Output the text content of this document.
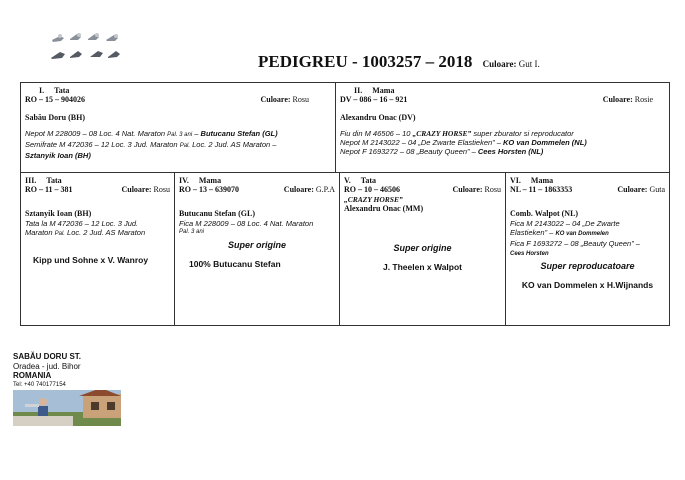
PEDIGREU - 1003257 – 2018 Culoare: Gut I.
I. Tata
RO – 15 – 904026	Culoare: Rosu
Sabău Doru (BH)
Nepot M 228009 – 08 Loc. 4 Nat. Maraton Pal. 3 ani – Butucanu Stefan (GL)
Semifrate M 472036 – 12 Loc. 3 Jud. Maraton Pal. Loc. 2 Jud. AS Maraton –
Sztanyik Ioan (BH)
II. Mama
DV – 086 – 16 – 921	Culoare: Rosie
Alexandru Onac (DV)
Fiu din M 46506 – 10 „CRAZY HORSE” super zburator si reproducator
Nepot M 2143022 – 04 „De Zwarte Elastieken” – KO van Dommelen (NL)
Nepot F 1693272 – 08 „Beauty Queen” – Cees Horsten (NL)
III. Tata
RO – 11 – 381	Culoare: Rosu
Sztanyik Ioan (BH)
Tata la M 472036 – 12 Loc. 3 Jud.
Maraton Pal. Loc. 2 Jud. AS Maraton
Kipp und Sohne x V. Wanroy
IV. Mama
RO – 13 – 639070	Culoare: G.P.A
Butucanu Stefan (GL)
Fica M 228009 – 08 Loc. 4 Nat. Maraton
Pal. 3 ani
Super origine
100% Butucanu Stefan
V. Tata
RO – 10 – 46506	Culoare: Rosu
„CRAZY HORSE”
Alexandru Onac (MM)
Super origine
J. Theelen x Walpot
VI. Mama
NL – 11 – 1863353	Culoare: Guta
Comb. Walpot (NL)
Fica M 2143022 – 04 „De Zwarte
Elastieken” – KO van Dommelen
Fica F 1693272 – 08 „Beauty Queen” –
Cees Horsten
Super reproducatoare
KO van Dommelen x H.Wijnands
SABĂU DORU ST.
Oradea - jud. Bihor
ROMANIA
Tel: +40 740177154
